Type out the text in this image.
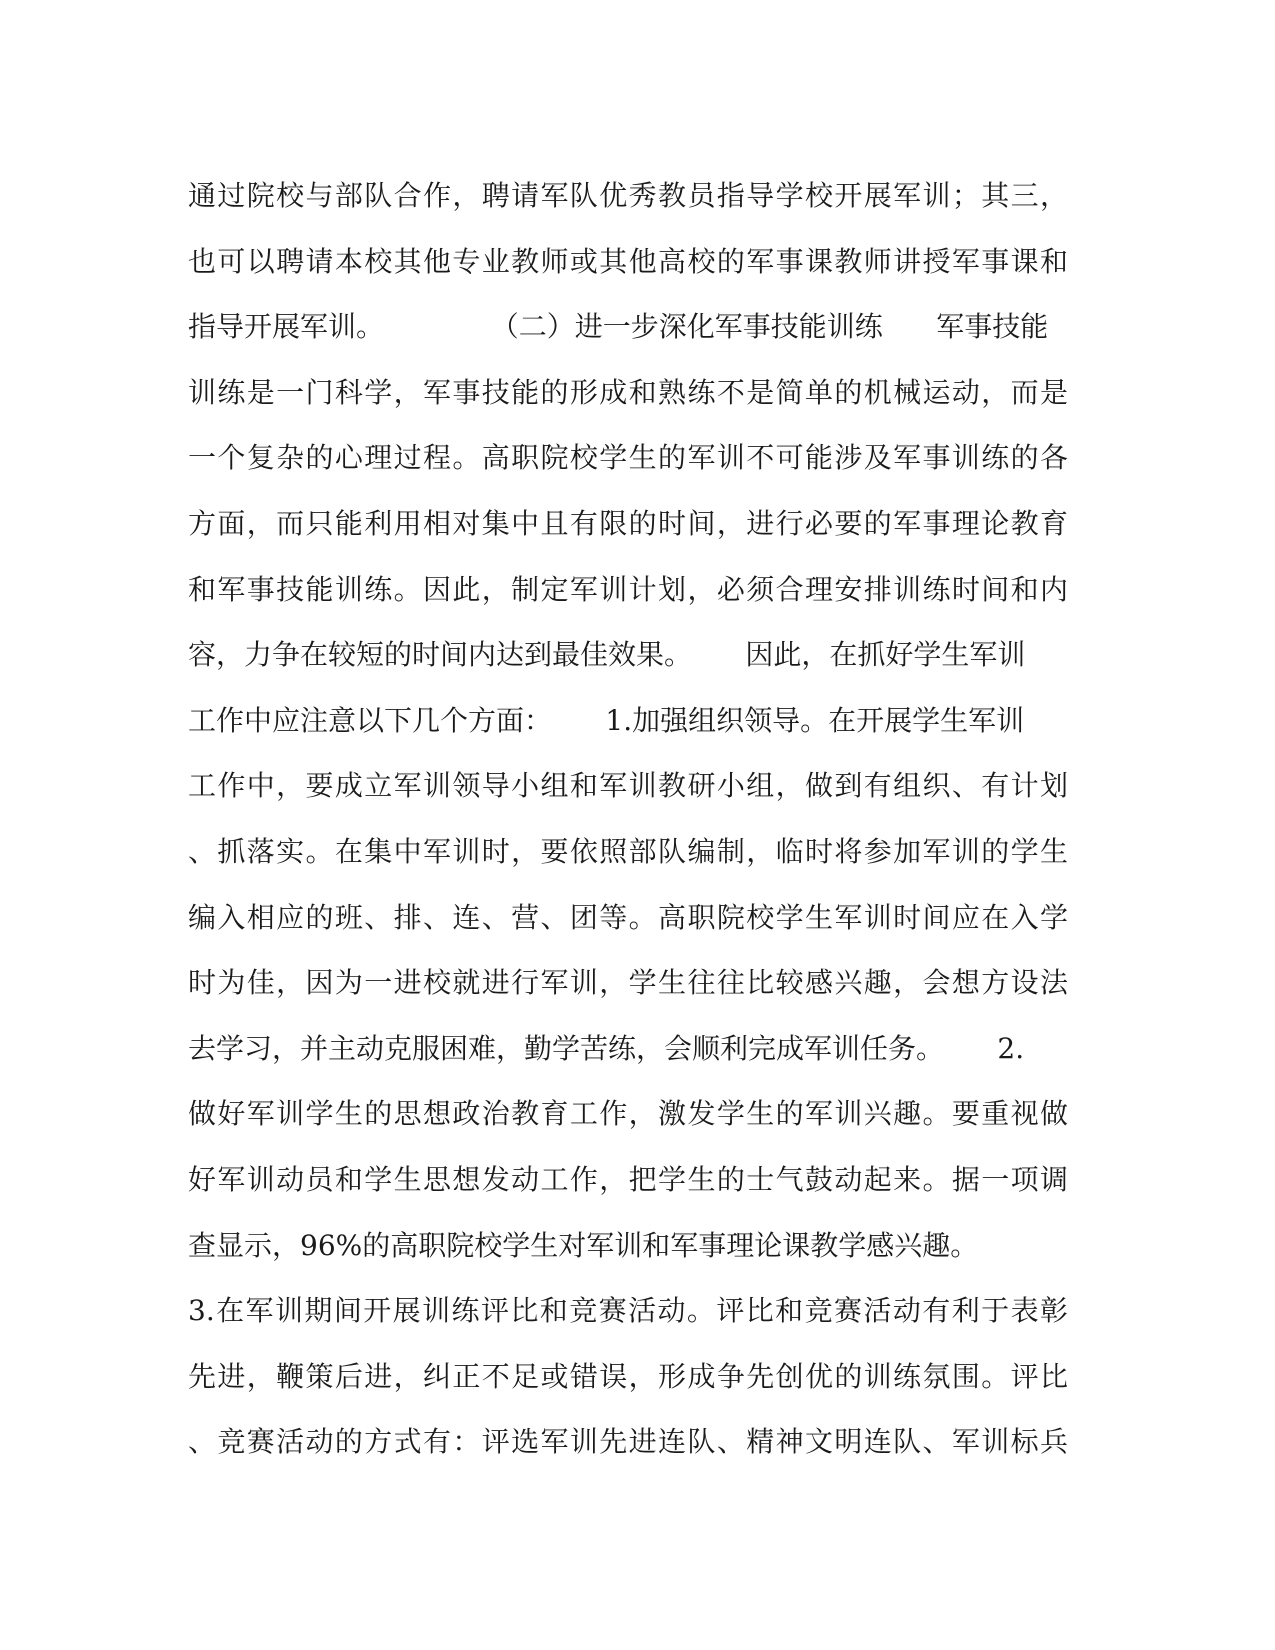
通过院校与部队合作，聘请军队优秀教员指导学校开展军训；其三，
也可以聘请本校其他专业教师或其他高校的军事课教师讲授军事课和
指导开展军训。            （二）进一步深化军事技能训练      军事技能
训练是一门科学，军事技能的形成和熟练不是简单的机械运动，而是
一个复杂的心理过程。高职院校学生的军训不可能涉及军事训练的各
方面，而只能利用相对集中且有限的时间，进行必要的军事理论教育
和军事技能训练。因此，制定军训计划，必须合理安排训练时间和内
容，力争在较短的时间内达到最佳效果。      因此，在抓好学生军训
工作中应注意以下几个方面：      1.加强组织领导。在开展学生军训
工作中，要成立军训领导小组和军训教研小组，做到有组织、有计划
、抓落实。在集中军训时，要依照部队编制，临时将参加军训的学生
编入相应的班、排、连、营、团等。高职院校学生军训时间应在入学
时为佳，因为一进校就进行军训，学生往往比较感兴趣，会想方设法
去学习，并主动克服困难，勤学苦练，会顺利完成军训任务。      2.
做好军训学生的思想政治教育工作，激发学生的军训兴趣。要重视做
好军训动员和学生思想发动工作，把学生的士气鼓动起来。据一项调
查显示，96%的高职院校学生对军训和军事理论课教学感兴趣。
3.在军训期间开展训练评比和竞赛活动。评比和竞赛活动有利于表彰
先进，鞭策后进，纠正不足或错误，形成争先创优的训练氛围。评比
、竞赛活动的方式有：评选军训先进连队、精神文明连队、军训标兵
